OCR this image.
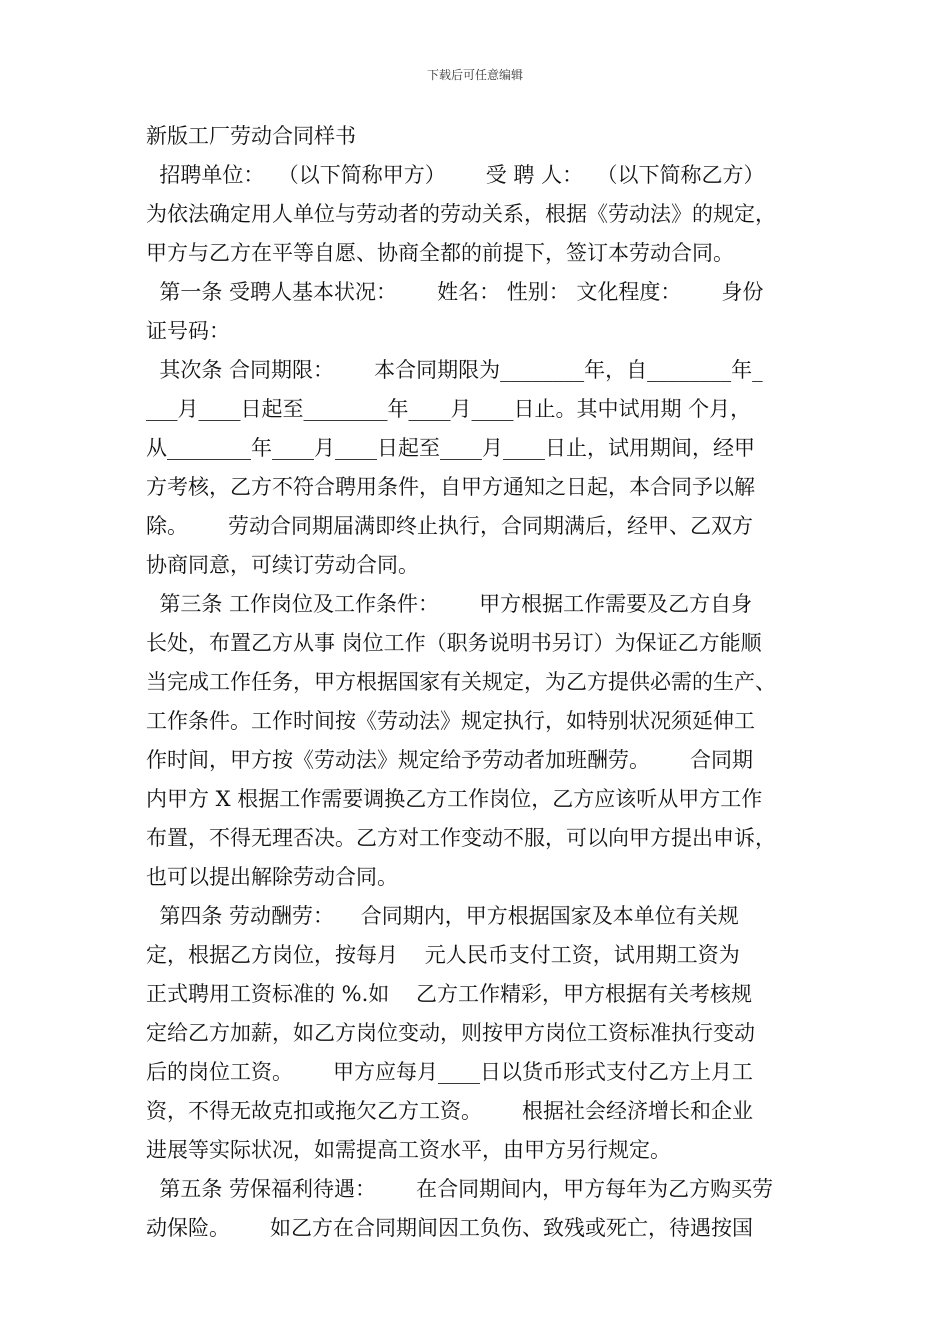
下载后可任意编辑
新版工厂劳动合同样书
招聘单位：  （以下简称甲方）      受 聘 人：  （以下简称乙方）
为依法确定用人单位与劳动者的劳动关系，根据《劳动法》的规定，
甲方与乙方在平等自愿、协商全都的前提下，签订本劳动合同。
第一条 受聘人基本状况：      姓名： 性别： 文化程度：      身份
证号码：
其次条 合同期限：      本合同期限为________年，自________年_
___月____日起至________年____月____日止。其中试用期 个月，
从________年____月____日起至____月____日止，试用期间，经甲
方考核，乙方不符合聘用条件，自甲方通知之日起，本合同予以解
除。      劳动合同期届满即终止执行，合同期满后，经甲、乙双方
协商同意，可续订劳动合同。
第三条 工作岗位及工作条件：      甲方根据工作需要及乙方自身
长处，布置乙方从事 岗位工作（职务说明书另订）为保证乙方能顺
当完成工作任务，甲方根据国家有关规定，为乙方提供必需的生产、
工作条件。工作时间按《劳动法》规定执行，如特别状况须延伸工
作时间，甲方按《劳动法》规定给予劳动者加班酬劳。      合同期
内甲方 X 根据工作需要调换乙方工作岗位，乙方应该听从甲方工作
布置，不得无理否决。乙方对工作变动不服，可以向甲方提出申诉，
也可以提出解除劳动合同。
第四条 劳动酬劳：    合同期内，甲方根据国家及本单位有关规
定，根据乙方岗位，按每月    元人民币支付工资，试用期工资为
正式聘用工资标准的 %.如    乙方工作精彩，甲方根据有关考核规
定给乙方加薪，如乙方岗位变动，则按甲方岗位工资标准执行变动
后的岗位工资。      甲方应每月____日以货币形式支付乙方上月工
资，不得无故克扣或拖欠乙方工资。      根据社会经济增长和企业
进展等实际状况，如需提高工资水平，由甲方另行规定。
第五条 劳保福利待遇：      在合同期间内，甲方每年为乙方购买劳
动保险。      如乙方在合同期间因工负伤、致残或死亡，待遇按国
